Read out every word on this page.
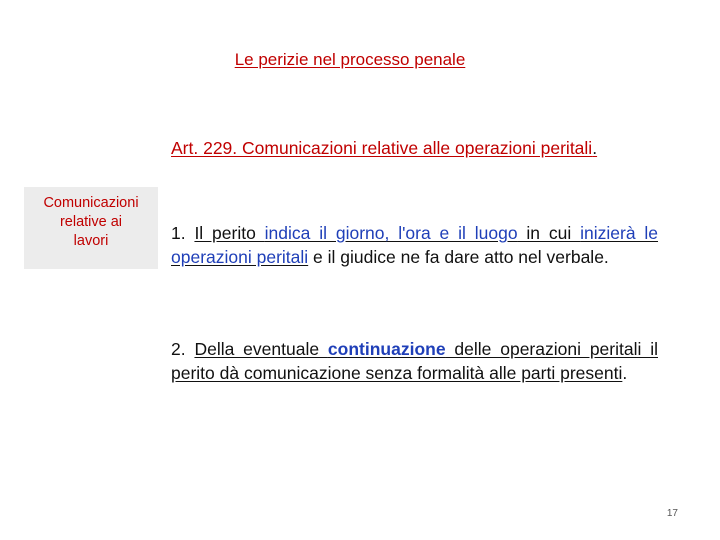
Le perizie nel processo penale
Comunicazioni
relative ai
lavori
Art. 229. Comunicazioni relative alle operazioni peritali.
1. Il perito indica il giorno, l'ora e il luogo in cui inizierà le operazioni peritali e il giudice ne fa dare atto nel verbale.
2. Della eventuale continuazione delle operazioni peritali il perito dà comunicazione senza formalità alle parti presenti.
17
